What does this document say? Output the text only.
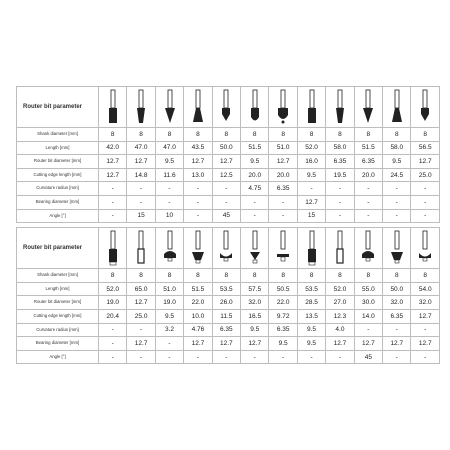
Router bit parameter	

Shank diameter [mm]	8	8	8	8	8	8	8	8	8	8	8	8
Length [mm]	42.0	47.0	47.0	43.5	50.0	51.5	51.0	52.0	58.0	51.5	58.0	56.5
Router bit diameter [mm]	12.7	12.7	9.5	12.7	12.7	9.5	12.7	16.0	6.35	6.35	9.5	12.7
Cutting edge length [mm]	12.7	14.8	11.6	13.0	12.5	20.0	20.0	9.5	19.5	20.0	24.5	25.0
Curvature radius [mm]	-	-	-	-	-	4.75	6.35	-	-	-	-	-
Bearing diameter [mm]	-	-	-	-	-	-	-	12.7	-	-	-	-
Angle [°]	-	15	10	-	45	-	-	15	-	-	-	-

Router bit parameter	

Shank diameter [mm]	8	8	8	8	8	8	8	8	8	8	8	8
Length [mm]	52.0	65.0	51.0	51.5	53.5	57.5	50.5	53.5	52.0	55.0	50.0	54.0
Router bit diameter [mm]	19.0	12.7	19.0	22.0	26.0	32.0	22.0	28.5	27.0	30.0	32.0	32.0
Cutting edge length [mm]	20.4	25.0	9.5	10.0	11.5	16.5	9.72	13.5	12.3	14.0	6.35	12.7
Curvature radius [mm]	-	-	3.2	4.76	6.35	9.5	6.35	9.5	4.0	-	-	-
Bearing diameter [mm]	-	12.7	-	12.7	12.7	12.7	9.5	9.5	12.7	12.7	12.7	12.7
Angle [°]	-	-	-	-	-	-	-	-	-	45	-	-
